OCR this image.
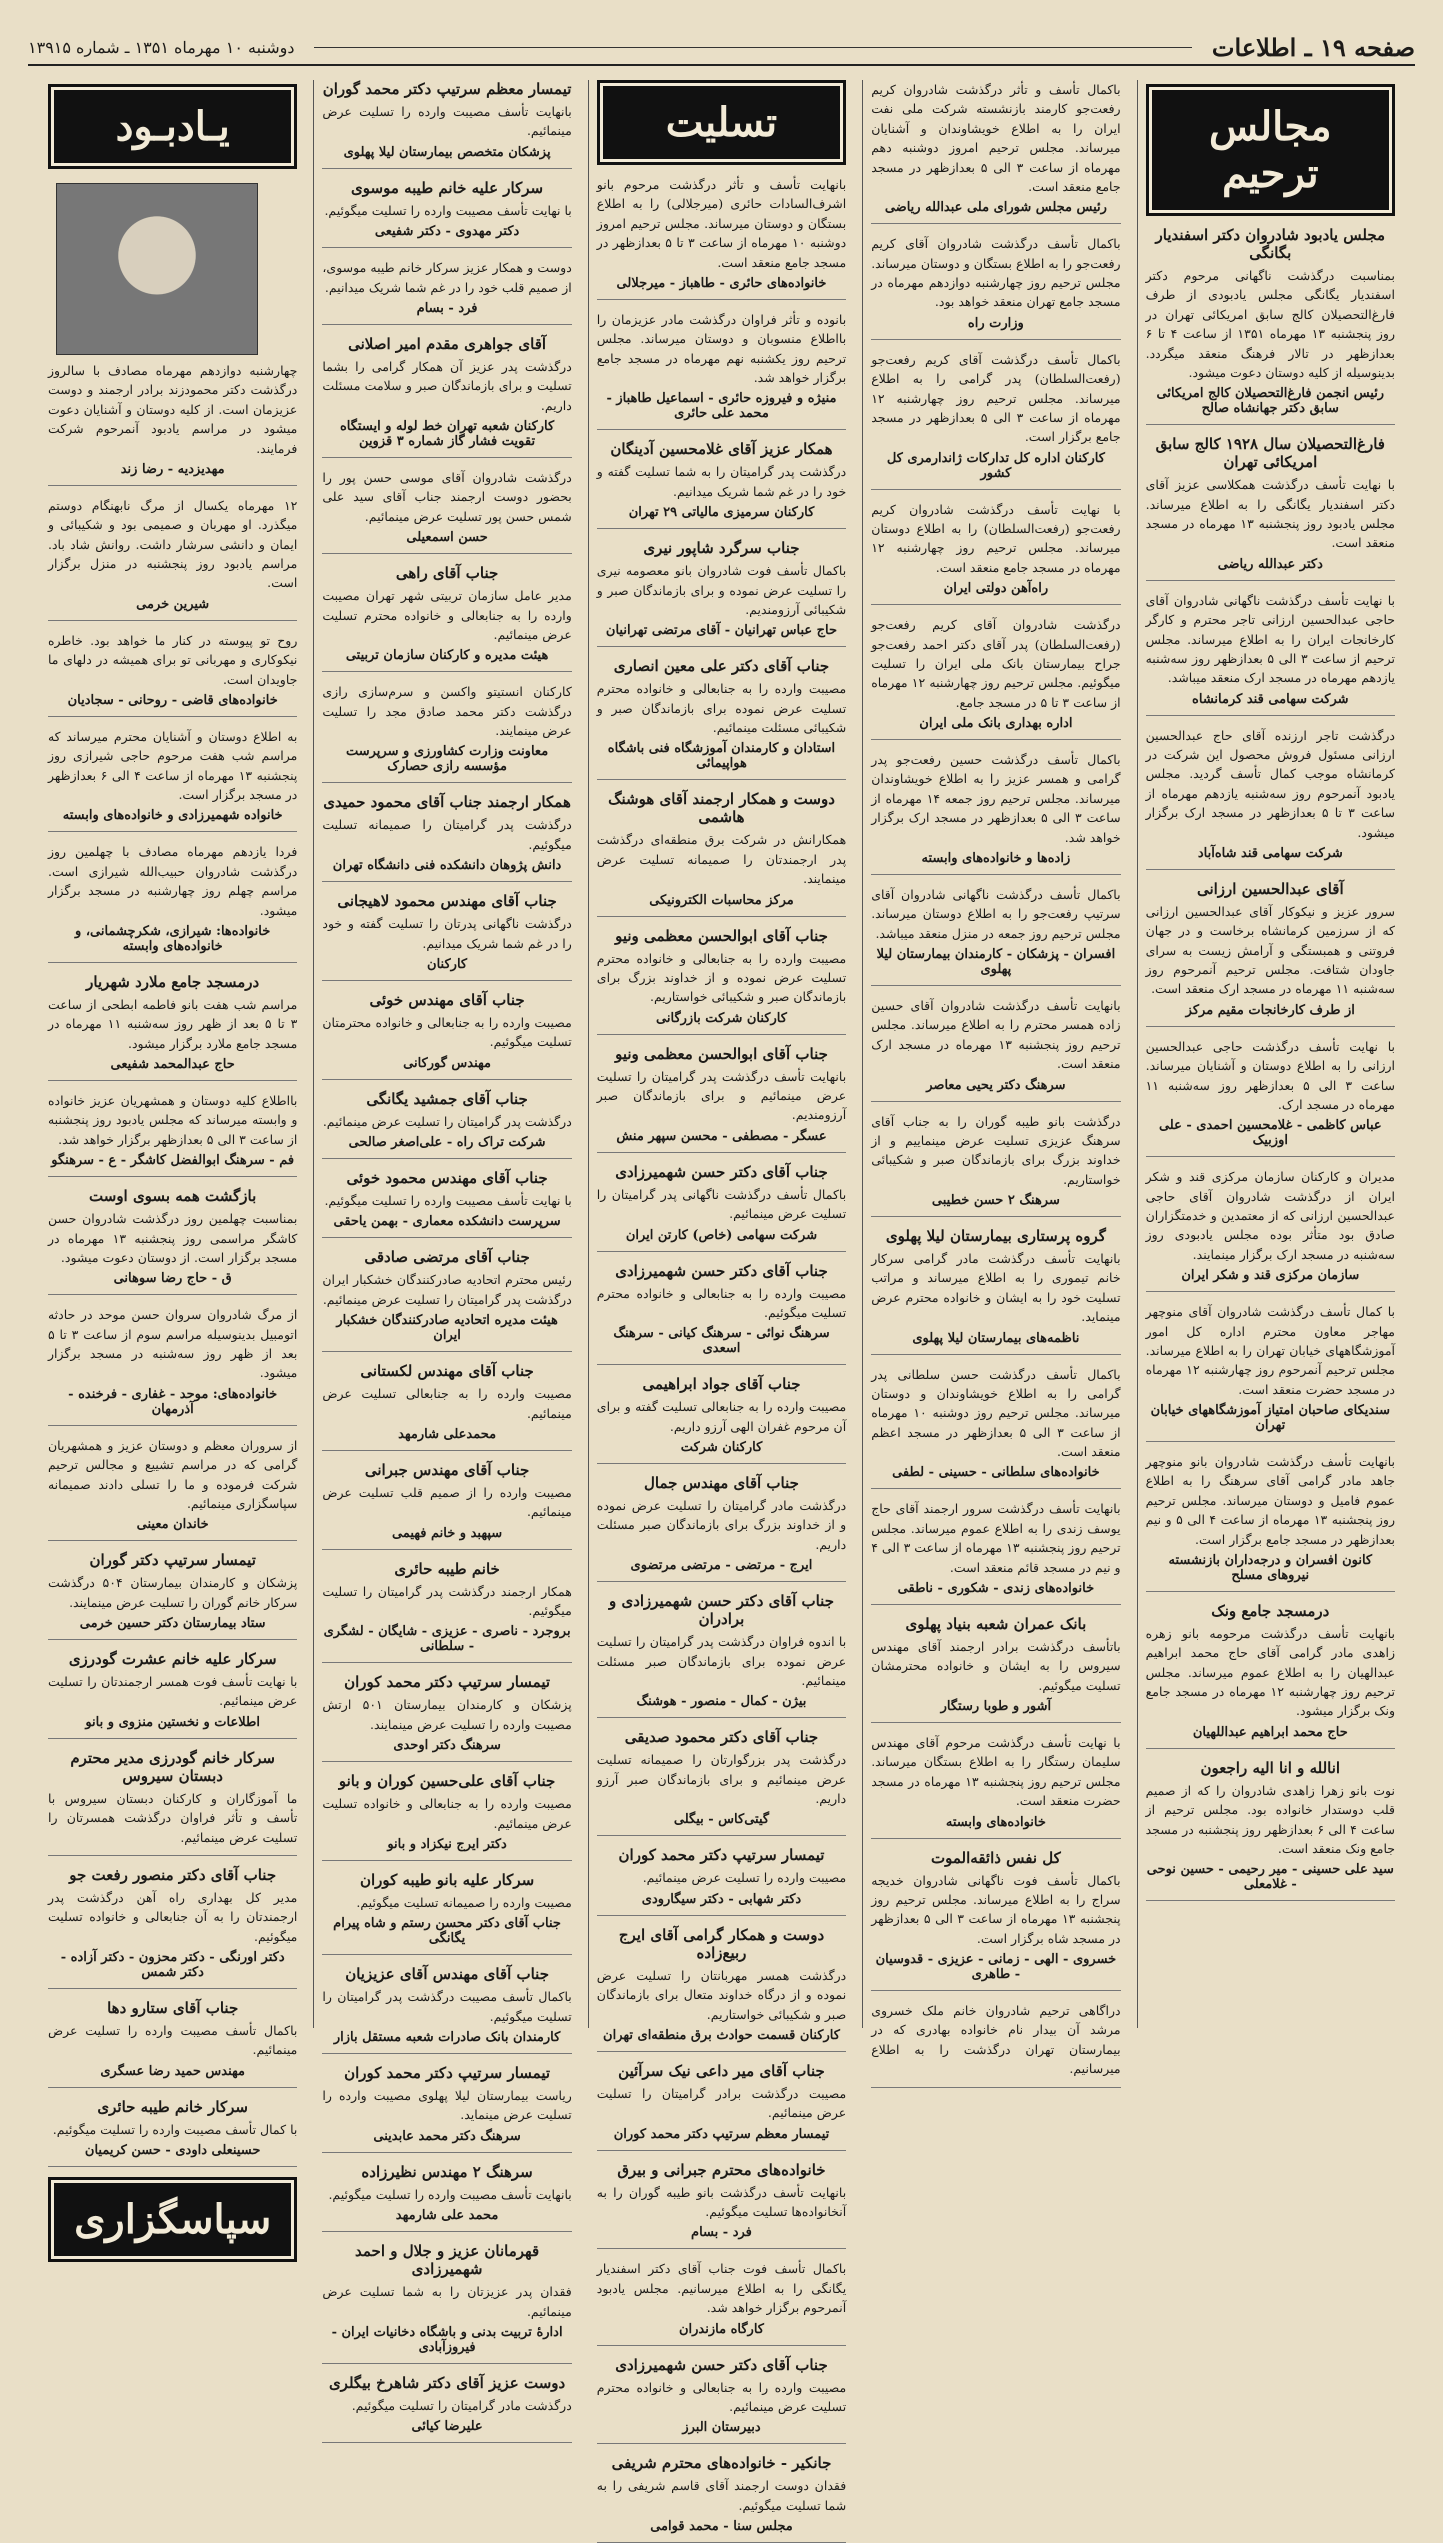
صفحه ۱۹ ـ اطلاعات
دوشنبه ۱۰ مهرماه ۱۳۵۱ ـ شماره ۱۳۹۱۵
مجالس ترحیم
مجلس یادبود شادروان دکتر اسفندیار بگانگی

بمناسبت درگذشت ناگهانی مرحوم دکتر اسفندیار یگانگی مجلس یادبودی از طرف فارغ‌التحصیلان کالج سابق امریکائی تهران در روز پنجشنبه ۱۳ مهرماه ۱۳۵۱ از ساعت ۴ تا ۶ بعدازظهر در تالار فرهنگ منعقد میگردد. بدینوسیله از کلیه دوستان دعوت میشود.

رئیس انجمن فارغ‌التحصیلان کالج امریکائی سابق دکتر جهانشاه صالح
فارغ‌التحصیلان سال ۱۹۲۸ کالج سابق امریکائی تهران

با نهایت تأسف درگذشت همکلاسی عزیز آقای دکتر اسفندیار یگانگی را به اطلاع میرساند. مجلس یادبود روز پنجشنبه ۱۳ مهرماه در مسجد منعقد است.

دکتر عبدالله ریاضی

با نهایت تأسف درگذشت ناگهانی شادروان آقای حاجی عبدالحسین ارزانی تاجر محترم و کارگر کارخانجات ایران را به اطلاع میرساند. مجلس ترحیم از ساعت ۳ الی ۵ بعدازظهر روز سه‌شنبه یازدهم مهرماه در مسجد ارک منعقد میباشد.

شرکت سهامی قند کرمانشاه

درگذشت تاجر ارزنده آقای حاج عبدالحسین ارزانی مسئول فروش محصول این شرکت در کرمانشاه موجب کمال تأسف گردید. مجلس یادبود آنمرحوم روز سه‌شنبه یازدهم مهرماه از ساعت ۳ تا ۵ بعدازظهر در مسجد ارک برگزار میشود.

شرکت سهامی قند شاه‌آباد
آقای عبدالحسین ارزانی

سرور عزیز و نیکوکار آقای عبدالحسین ارزانی که از سرزمین کرمانشاه برخاست و در جهان فروتنی و همبستگی و آرامش زیست به سرای جاودان شتافت. مجلس ترحیم آنمرحوم روز سه‌شنبه ۱۱ مهرماه در مسجد ارک منعقد است.

از طرف کارخانجات مقیم مرکز

با نهایت تأسف درگذشت حاجی عبدالحسین ارزانی را به اطلاع دوستان و آشنایان میرساند. ساعت ۳ الی ۵ بعدازظهر روز سه‌شنبه ۱۱ مهرماه در مسجد ارک.

عباس کاظمی - غلامحسین احمدی - علی اوزبیک

مدیران و کارکنان سازمان مرکزی قند و شکر ایران از درگذشت شادروان آقای حاجی عبدالحسین ارزانی که از معتمدین و خدمتگزاران صادق بود متأثر بوده مجلس یادبودی روز سه‌شنبه در مسجد ارک برگزار مینمایند.

سازمان مرکزی قند و شکر ایران

با کمال تأسف درگذشت شادروان آقای منوچهر مهاجر معاون محترم اداره کل امور آموزشگاههای خیابان تهران را به اطلاع میرساند. مجلس ترحیم آنمرحوم روز چهارشنبه ۱۲ مهرماه در مسجد حضرت منعقد است.

سندیکای صاحبان امتیاز آموزشگاههای خیابان تهران

بانهایت تأسف درگذشت شادروان بانو منوچهر جاهد مادر گرامی آقای سرهنگ را به اطلاع عموم فامیل و دوستان میرساند. مجلس ترحیم روز پنجشنبه ۱۳ مهرماه از ساعت ۴ الی ۵ و نیم بعدازظهر در مسجد جامع برگزار است.

کانون افسران و درجه‌داران بازنشسته نیروهای مسلح
درمسجد جامع ونک

بانهایت تأسف درگذشت مرحومه بانو زهره زاهدی مادر گرامی آقای حاج محمد ابراهیم عبدالهیان را به اطلاع عموم میرساند. مجلس ترحیم روز چهارشنبه ۱۲ مهرماه در مسجد جامع ونک برگزار میشود.

حاج محمد ابراهیم عبداللهیان
انالله و انا الیه راجعون

نوت بانو زهرا زاهدی شادروان را که از صمیم قلب دوستدار خانواده بود. مجلس ترحیم از ساعت ۴ الی ۶ بعدازظهر روز پنجشنبه در مسجد جامع ونک منعقد است.

سید علی حسینی - میر رحیمی - حسین نوحی - غلامعلی

باکمال تأسف و تأثر درگذشت شادروان کریم رفعت‌جو کارمند بازنشسته شرکت ملی نفت ایران را به اطلاع خویشاوندان و آشنایان میرساند. مجلس ترحیم امروز دوشنبه دهم مهرماه از ساعت ۳ الی ۵ بعدازظهر در مسجد جامع منعقد است.

رئیس مجلس شورای ملی عبدالله ریاضی

باکمال تأسف درگذشت شادروان آقای کریم رفعت‌جو را به اطلاع بستگان و دوستان میرساند. مجلس ترحیم روز چهارشنبه دوازدهم مهرماه در مسجد جامع تهران منعقد خواهد بود.

وزارت راه

باکمال تأسف درگذشت آقای کریم رفعت‌جو (رفعت‌السلطان) پدر گرامی را به اطلاع میرساند. مجلس ترحیم روز چهارشنبه ۱۲ مهرماه از ساعت ۳ الی ۵ بعدازظهر در مسجد جامع برگزار است.

کارکنان اداره کل تدارکات ژاندارمری کل کشور

با نهایت تأسف درگذشت شادروان کریم رفعت‌جو (رفعت‌السلطان) را به اطلاع دوستان میرساند. مجلس ترحیم روز چهارشنبه ۱۲ مهرماه در مسجد جامع منعقد است.

راه‌آهن دولتی ایران

درگذشت شادروان آقای کریم رفعت‌جو (رفعت‌السلطان) پدر آقای دکتر احمد رفعت‌جو جراح بیمارستان بانک ملی ایران را تسلیت میگوئیم. مجلس ترحیم روز چهارشنبه ۱۲ مهرماه از ساعت ۳ تا ۵ در مسجد جامع.

اداره بهداری بانک ملی ایران

باکمال تأسف درگذشت حسین رفعت‌جو پدر گرامی و همسر عزیز را به اطلاع خویشاوندان میرساند. مجلس ترحیم روز جمعه ۱۴ مهرماه از ساعت ۳ الی ۵ بعدازظهر در مسجد ارک برگزار خواهد شد.

زاده‌ها و خانواده‌های وابسته

باکمال تأسف درگذشت ناگهانی شادروان آقای سرتیپ رفعت‌جو را به اطلاع دوستان میرساند. مجلس ترحیم روز جمعه در منزل منعقد میباشد.

افسران - پزشکان - کارمندان بیمارستان لیلا پهلوی

بانهایت تأسف درگذشت شادروان آقای حسین زاده همسر محترم را به اطلاع میرساند. مجلس ترحیم روز پنجشنبه ۱۳ مهرماه در مسجد ارک منعقد است.

سرهنگ دکتر یحیی معاصر

درگذشت بانو طیبه گوران را به جناب آقای سرهنگ عزیزی تسلیت عرض مینماییم و از خداوند بزرگ برای بازماندگان صبر و شکیبائی خواستاریم.

سرهنگ ۲ حسن خطیبی
گروه پرستاری بیمارستان لیلا پهلوی

بانهایت تأسف درگذشت مادر گرامی سرکار خانم تیموری را به اطلاع میرساند و مراتب تسلیت خود را به ایشان و خانواده محترم عرض مینماید.

ناظمه‌های بیمارستان لیلا پهلوی

باکمال تأسف درگذشت حسن سلطانی پدر گرامی را به اطلاع خویشاوندان و دوستان میرساند. مجلس ترحیم روز دوشنبه ۱۰ مهرماه از ساعت ۳ الی ۵ بعدازظهر در مسجد اعظم منعقد است.

خانواده‌های سلطانی - حسینی - لطفی

بانهایت تأسف درگذشت سرور ارجمند آقای حاج یوسف زندی را به اطلاع عموم میرساند. مجلس ترحیم روز پنجشنبه ۱۳ مهرماه از ساعت ۳ الی ۴ و نیم در مسجد قائم منعقد است.

خانواده‌های زندی - شکوری - ناطقی
بانک عمران شعبه بنیاد پهلوی

باتأسف درگذشت برادر ارجمند آقای مهندس سیروس را به ایشان و خانواده محترمشان تسلیت میگوئیم.

آشور و طوبا رستگار

با نهایت تأسف درگذشت مرحوم آقای مهندس سلیمان رستگار را به اطلاع بستگان میرساند. مجلس ترحیم روز پنجشنبه ۱۳ مهرماه در مسجد حضرت منعقد است.

خانواده‌های وابسته
کل نفس ذائقه‌الموت

باکمال تأسف فوت ناگهانی شادروان خدیجه سراج را به اطلاع میرساند. مجلس ترحیم روز پنجشنبه ۱۳ مهرماه از ساعت ۳ الی ۵ بعدازظهر در مسجد شاه برگزار است.

خسروی - الهی - زمانی - عزیزی - قدوسیان - طاهری

دراگاهی ترحیم شادروان خانم ملک خسروی مرشد آن بیدار نام خانواده بهادری که در بیمارستان تهران درگذشت را به اطلاع میرسانیم.

تسلیت

بانهایت تأسف و تأثر درگذشت مرحوم بانو اشرف‌السادات حائری (میرجلالی) را به اطلاع بستگان و دوستان میرساند. مجلس ترحیم امروز دوشنبه ۱۰ مهرماه از ساعت ۳ تا ۵ بعدازظهر در مسجد جامع منعقد است.

خانواده‌های حائری - طاهباز - میرجلالی

بانوده و تأثر فراوان درگذشت مادر عزیزمان را بااطلاع منسوبان و دوستان میرساند. مجلس ترحیم روز یکشنبه نهم مهرماه در مسجد جامع برگزار خواهد شد.

منیژه و فیروزه حائری - اسماعیل طاهباز - محمد علی حائری
همکار عزیز آقای غلامحسین آدینگان

درگذشت پدر گرامیتان را به شما تسلیت گفته و خود را در غم شما شریک میدانیم.

کارکنان سرمیزی مالیاتی ۲۹ تهران
جناب سرگرد شاپور نیری

باکمال تأسف فوت شادروان بانو معصومه نیری را تسلیت عرض نموده و برای بازماندگان صبر و شکیبائی آرزومندیم.

حاج عباس تهرانیان - آقای مرتضی تهرانیان
جناب آقای دکتر علی معین انصاری

مصیبت وارده را به جنابعالی و خانواده محترم تسلیت عرض نموده برای بازماندگان صبر و شکیبائی مسئلت مینمائیم.

استادان و کارمندان آموزشگاه فنی باشگاه هواپیمائی
دوست و همکار ارجمند آقای هوشنگ هاشمی

همکارانش در شرکت برق منطقه‌ای درگذشت پدر ارجمندتان را صمیمانه تسلیت عرض مینمایند.

مرکز محاسبات الکترونیکی
جناب آقای ابوالحسن معظمی ونیو

مصیبت وارده را به جنابعالی و خانواده محترم تسلیت عرض نموده و از خداوند بزرگ برای بازماندگان صبر و شکیبائی خواستاریم.

کارکنان شرکت بازرگانی
جناب آقای ابوالحسن معظمی ونیو

بانهایت تأسف درگذشت پدر گرامیتان را تسلیت عرض مینمائیم و برای بازماندگان صبر آرزومندیم.

عسگر - مصطفی - محسن سپهر منش
جناب آقای دکتر حسن شهمیرزادی

باکمال تأسف درگذشت ناگهانی پدر گرامیتان را تسلیت عرض مینمائیم.

شرکت سهامی (خاص) کارتن ایران
جناب آقای دکتر حسن شهمیرزادی

مصیبت وارده را به جنابعالی و خانواده محترم تسلیت میگوئیم.

سرهنگ نوائی - سرهنگ کیانی - سرهنگ اسعدی
جناب آقای جواد ابراهیمی

مصیبت وارده را به جنابعالی تسلیت گفته و برای آن مرحوم غفران الهی آرزو داریم.

کارکنان شرکت
جناب آقای مهندس جمال

درگذشت مادر گرامیتان را تسلیت عرض نموده و از خداوند بزرگ برای بازماندگان صبر مسئلت داریم.

ایرج - مرتضی - مرتضی مرتضوی
جناب آقای دکتر حسن شهمیرزادی و برادران

با اندوه فراوان درگذشت پدر گرامیتان را تسلیت عرض نموده برای بازماندگان صبر مسئلت مینمائیم.

بیژن - کمال - منصور - هوشنگ
جناب آقای دکتر محمود صدیقی

درگذشت پدر بزرگوارتان را صمیمانه تسلیت عرض مینمائیم و برای بازماندگان صبر آرزو داریم.

گیتی‌کاس - بیگلی
تیمسار سرتیپ دکتر محمد کوران

مصیبت وارده را تسلیت عرض مینمائیم.

دکتر شهابی - دکتر سیگارودی
دوست و همکار گرامی آقای ایرج ربیع‌زاده

درگذشت همسر مهربانتان را تسلیت عرض نموده و از درگاه خداوند متعال برای بازماندگان صبر و شکیبائی خواستاریم.

کارکنان قسمت حوادث برق منطقه‌ای تهران
جناب آقای میر داعی نیک سرآئین

مصیبت درگذشت برادر گرامیتان را تسلیت عرض مینمائیم.

تیمسار معظم سرتیپ دکتر محمد کوران
خانواده‌های محترم جبرانی و بیرق

بانهایت تأسف درگذشت بانو طیبه گوران را به آنخانواده‌ها تسلیت میگوئیم.

فرد - بسام

باکمال تأسف فوت جناب آقای دکتر اسفندیار یگانگی را به اطلاع میرسانیم. مجلس یادبود آنمرحوم برگزار خواهد شد.

کارگاه مازندران
جناب آقای دکتر حسن شهمیرزادی

مصیبت وارده را به جنابعالی و خانواده محترم تسلیت عرض مینمائیم.

دبیرستان البرز
جانکیر - خانواده‌های محترم شریفی

فقدان دوست ارجمند آقای قاسم شریفی را به شما تسلیت میگوئیم.

مجلس سنا - محمد قوامی
تیمسار معظم سرتیپ دکتر محمد گوران

بانهایت تأسف مصیبت وارده را تسلیت عرض مینمائیم.

پزشکان متخصص بیمارستان لیلا پهلوی
سرکار علیه خانم طیبه موسوی

با نهایت تأسف مصیبت وارده را تسلیت میگوئیم.

دکتر مهدوی - دکتر شفیعی

دوست و همکار عزیز سرکار خانم طیبه موسوی، از صمیم قلب خود را در غم شما شریک میدانیم.

فرد - بسام
آقای جواهری مقدم امیر اصلانی

درگذشت پدر عزیز آن همکار گرامی را بشما تسلیت و برای بازماندگان صبر و سلامت مسئلت داریم.

کارکنان شعبه تهران خط لوله و ایستگاه تقویت فشار گاز شماره ۳ قزوین

درگذشت شادروان آقای موسی حسن پور را بحضور دوست ارجمند جناب آقای سید علی شمس حسن پور تسلیت عرض مینمائیم.

حسن اسمعیلی
جناب آقای راهی

مدیر عامل سازمان تربیتی شهر تهران مصیبت وارده را به جنابعالی و خانواده محترم تسلیت عرض مینمائیم.

هیئت مدیره و کارکنان سازمان تربیتی

کارکنان انستیتو واکسن و سرم‌سازی رازی درگذشت دکتر محمد صادق مجد را تسلیت عرض مینمایند.

معاونت وزارت کشاورزی و سرپرست مؤسسه رازی حصارک
همکار ارجمند جناب آقای محمود حمیدی

درگذشت پدر گرامیتان را صمیمانه تسلیت میگوئیم.

دانش پژوهان دانشکده فنی دانشگاه تهران
جناب آقای مهندس محمود لاهیجانی

درگذشت ناگهانی پدرتان را تسلیت گفته و خود را در غم شما شریک میدانیم.

کارکنان
جناب آقای مهندس خوئی

مصیبت وارده را به جنابعالی و خانواده محترمتان تسلیت میگوئیم.

مهندس گورکانی
جناب آقای جمشید یگانگی

درگذشت پدر گرامیتان را تسلیت عرض مینمائیم.

شرکت تراک راه - علی‌اصغر صالحی
جناب آقای مهندس محمود خوئی

با نهایت تأسف مصیبت وارده را تسلیت میگوئیم.

سرپرست دانشکده معماری - بهمن یاحقی
جناب آقای مرتضی صادقی

رئیس محترم اتحادیه صادرکنندگان خشکبار ایران درگذشت پدر گرامیتان را تسلیت عرض مینمائیم.

هیئت مدیره اتحادیه صادرکنندگان خشکبار ایران
جناب آقای مهندس لکستانی

مصیبت وارده را به جنابعالی تسلیت عرض مینمائیم.

محمدعلی شارمهد
جناب آقای مهندس جبرانی

مصیبت وارده را از صمیم قلب تسلیت عرض مینمائیم.

سپهبد و خانم فهیمی
خانم طیبه حائری

همکار ارجمند درگذشت پدر گرامیتان را تسلیت میگوئیم.

بروجرد - ناصری - عزیزی - شایگان - لشگری - سلطانی
تیمسار سرتیپ دکتر محمد کوران

پزشکان و کارمندان بیمارستان ۵۰۱ ارتش مصیبت وارده را تسلیت عرض مینمایند.

سرهنگ دکتر اوحدی
جناب آقای علی‌حسین کوران و بانو

مصیبت وارده را به جنابعالی و خانواده تسلیت عرض مینمائیم.

دکتر ایرج نیکزاد و بانو
سرکار علیه بانو طیبه کوران

مصیبت وارده را صمیمانه تسلیت میگوئیم.

جناب آقای دکتر محسن رستم و شاه پیرام یگانگی
جناب آقای مهندس آقای عزیزیان

باکمال تأسف مصیبت درگذشت پدر گرامیتان را تسلیت میگوئیم.

کارمندان بانک صادرات شعبه مستقل بازار
تیمسار سرتیپ دکتر محمد کوران

ریاست بیمارستان لیلا پهلوی مصیبت وارده را تسلیت عرض مینماید.

سرهنگ دکتر محمد عابدینی
سرهنگ ۲ مهندس نظیرزاده

بانهایت تأسف مصیبت وارده را تسلیت میگوئیم.

محمد علی شارمهد
قهرمانان عزیز و جلال و احمد شهمیرزادی

فقدان پدر عزیزتان را به شما تسلیت عرض مینمائیم.

ادارهٔ تربیت بدنی و باشگاه دخانیات ایران - فیروزآبادی
دوست عزیز آقای دکتر شاهرخ بیگلری

درگذشت مادر گرامیتان را تسلیت میگوئیم.

علیرضا کیائی
یـادبـود

چهارشنبه دوازدهم مهرماه مصادف با سالروز درگذشت دکتر محمودزند برادر ارجمند و دوست عزیزمان است. از کلیه دوستان و آشنایان دعوت میشود در مراسم یادبود آنمرحوم شرکت فرمایند.

مهدیزدیه - رضا زند

۱۲ مهرماه یکسال از مرگ نابهنگام دوستم میگذرد. او مهربان و صمیمی بود و شکیبائی و ایمان و دانشی سرشار داشت. روانش شاد باد. مراسم یادبود روز پنجشنبه در منزل برگزار است.

شیرین خرمی

روح تو پیوسته در کنار ما خواهد بود. خاطره نیکوکاری و مهربانی تو برای همیشه در دلهای ما جاویدان است.

خانواده‌های قاضی - روحانی - سجادیان

به اطلاع دوستان و آشنایان محترم میرساند که مراسم شب هفت مرحوم حاجی شیرازی روز پنجشنبه ۱۳ مهرماه از ساعت ۴ الی ۶ بعدازظهر در مسجد برگزار است.

خانواده شهمیرزادی و خانواده‌های وابسته

فردا یازدهم مهرماه مصادف با چهلمین روز درگذشت شادروان حبیب‌الله شیرازی است. مراسم چهلم روز چهارشنبه در مسجد برگزار میشود.

خانواده‌ها: شیرازی، شکرچشمانی، و خانواده‌های وابسته
درمسجد جامع ملارد شهریار

مراسم شب هفت بانو فاطمه ابطحی از ساعت ۳ تا ۵ بعد از ظهر روز سه‌شنبه ۱۱ مهرماه در مسجد جامع ملارد برگزار میشود.

حاج عبدالمحمد شفیعی

بااطلاع کلیه دوستان و همشهریان عزیز خانواده و وابسته میرساند که مجلس یادبود روز پنجشنبه از ساعت ۳ الی ۵ بعدازظهر برگزار خواهد شد.

فم - سرهنگ ابوالفضل کاشگر - ع - سرهنگو
بازگشت همه بسوی اوست

بمناسبت چهلمین روز درگذشت شادروان حسن کاشگر مراسمی روز پنجشنبه ۱۳ مهرماه در مسجد برگزار است. از دوستان دعوت میشود.

ق - حاج رضا سوهانی

از مرگ شادروان سروان حسن موحد در حادثه اتومبیل بدینوسیله مراسم سوم از ساعت ۳ تا ۵ بعد از ظهر روز سه‌شنبه در مسجد برگزار میشود.

خانواده‌های: موحد - غفاری - فرخنده - آذرمهان

از سروران معظم و دوستان عزیز و همشهریان گرامی که در مراسم تشییع و مجالس ترحیم شرکت فرموده و ما را تسلی دادند صمیمانه سپاسگزاری مینمائیم.

خاندان معینی
تیمسار سرتیپ دکتر گوران

پزشکان و کارمندان بیمارستان ۵۰۴ درگذشت سرکار خانم گوران را تسلیت عرض مینمایند.

ستاد بیمارستان دکتر حسین خرمی
سرکار علیه خانم عشرت گودرزی

با نهایت تأسف فوت همسر ارجمندتان را تسلیت عرض مینمائیم.

اطلاعات و نخستین منزوی و بانو
سرکار خانم گودرزی مدیر محترم دبستان سیروس

ما آموزگاران و کارکنان دبستان سیروس با تأسف و تأثر فراوان درگذشت همسرتان را تسلیت عرض مینمائیم.

جناب آقای دکتر منصور رفعت جو

مدیر کل بهداری راه آهن درگذشت پدر ارجمندتان را به آن جنابعالی و خانواده تسلیت میگوئیم.

دکتر اورنگی - دکتر محزون - دکتر آزاده - دکتر شمس
جناب آقای ستارو دها

باکمال تأسف مصیبت وارده را تسلیت عرض مینمائیم.

مهندس حمید رضا عسگری
سرکار خانم طیبه حائری

با کمال تأسف مصیبت وارده را تسلیت میگوئیم.

حسینعلی داودی - حسن کریمیان
سپاسگزاری
